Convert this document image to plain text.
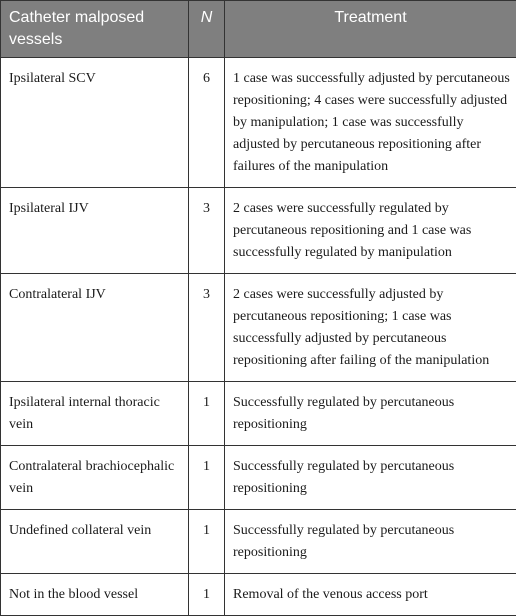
Catheter malposed vessels	N	Treatment
Ipsilateral SCV	6	1 case was successfully adjusted by percutaneous repositioning; 4 cases were successfully adjusted by manipulation; 1 case was successfully adjusted by percutaneous repositioning after failures of the manipulation
Ipsilateral IJV	3	2 cases were successfully regulated by percutaneous repositioning and 1 case was successfully regulated by manipulation
Contralateral IJV	3	2 cases were successfully adjusted by percutaneous repositioning; 1 case was successfully adjusted by percutaneous repositioning after failing of the manipulation
Ipsilateral internal thoracic vein	1	Successfully regulated by percutaneous repositioning
Contralateral brachiocephalic vein	1	Successfully regulated by percutaneous repositioning
Undefined collateral vein	1	Successfully regulated by percutaneous repositioning
Not in the blood vessel	1	Removal of the venous access port
